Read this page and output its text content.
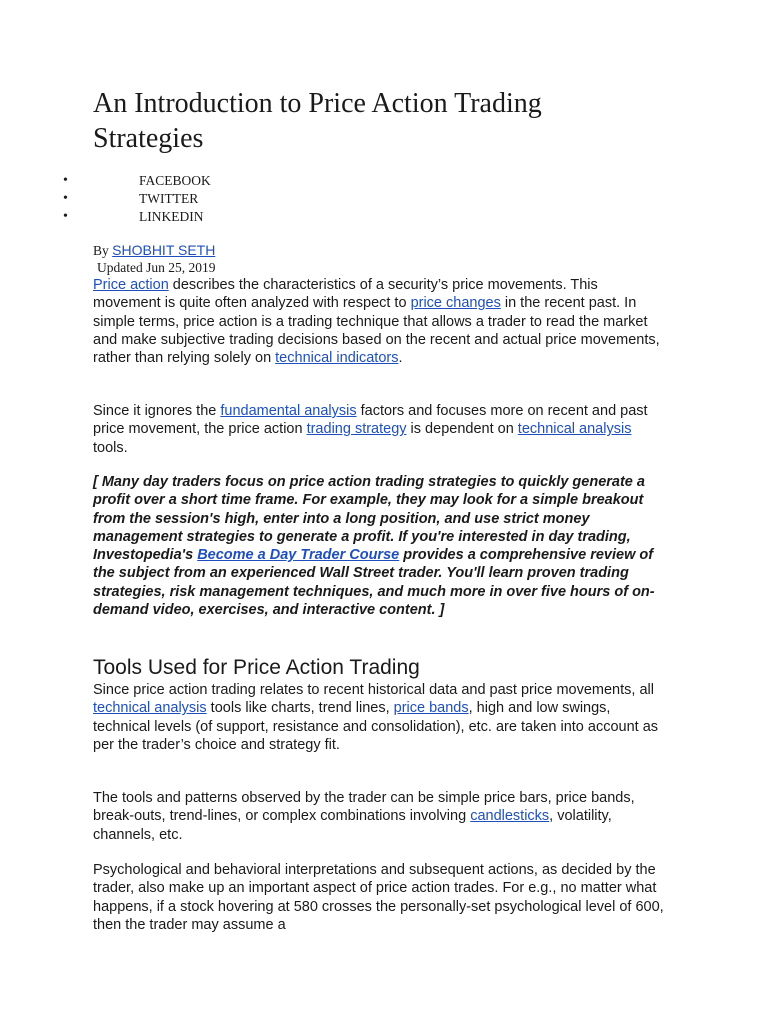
An Introduction to Price Action Trading Strategies
• FACEBOOK
• TWITTER
• LINKEDIN
By SHOBHIT SETH
Updated Jun 25, 2019

Price action describes the characteristics of a security’s price movements. This movement is quite often analyzed with respect to price changes in the recent past. In simple terms, price action is a trading technique that allows a trader to read the market and make subjective trading decisions based on the recent and actual price movements, rather than relying solely on technical indicators.

Since it ignores the fundamental analysis factors and focuses more on recent and past price movement, the price action trading strategy is dependent on technical analysis tools.

[ Many day traders focus on price action trading strategies to quickly generate a profit over a short time frame. For example, they may look for a simple breakout from the session's high, enter into a long position, and use strict money management strategies to generate a profit. If you're interested in day trading, Investopedia's Become a Day Trader Course provides a comprehensive review of the subject from an experienced Wall Street trader. You'll learn proven trading strategies, risk management techniques, and much more in over five hours of on-demand video, exercises, and interactive content. ]

Tools Used for Price Action Trading

Since price action trading relates to recent historical data and past price movements, all technical analysis tools like charts, trend lines, price bands, high and low swings, technical levels (of support, resistance and consolidation), etc. are taken into account as per the trader’s choice and strategy fit.

The tools and patterns observed by the trader can be simple price bars, price bands, break-outs, trend-lines, or complex combinations involving candlesticks, volatility, channels, etc.

Psychological and behavioral interpretations and subsequent actions, as decided by the trader, also make up an important aspect of price action trades. For e.g., no matter what happens, if a stock hovering at 580 crosses the personally-set psychological level of 600, then the trader may assume a
